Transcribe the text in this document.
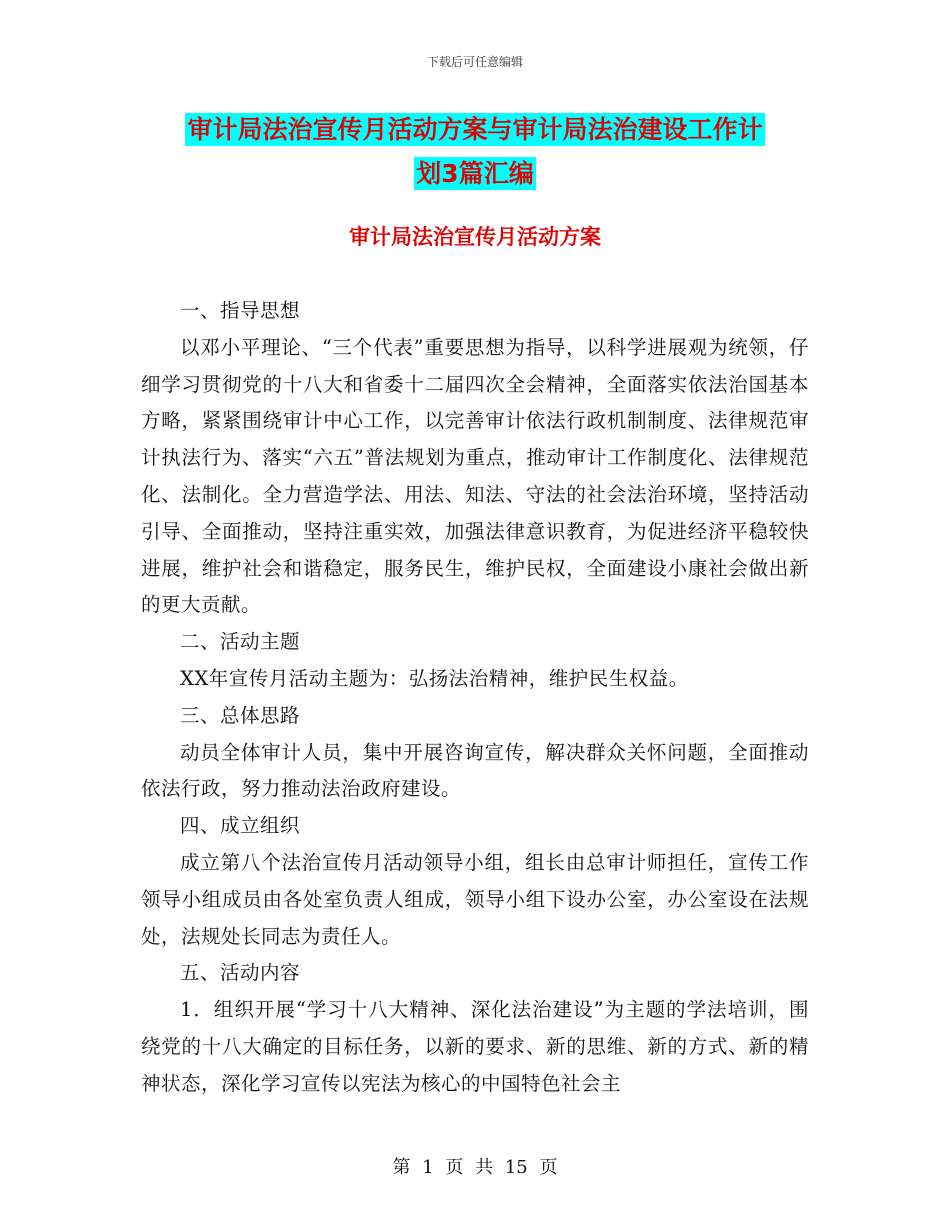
下载后可任意编辑
审计局法治宣传月活动方案与审计局法治建设工作计
划3篇汇编
审计局法治宣传月活动方案

一、指导思想

以邓小平理论、“三个代表”重要思想为指导，以科学进展观为统领，仔细学习贯彻党的十八大和省委十二届四次全会精神，全面落实依法治国基本方略，紧紧围绕审计中心工作，以完善审计依法行政机制制度、法律规范审计执法行为、落实“六五”普法规划为重点，推动审计工作制度化、法律规范化、法制化。全力营造学法、用法、知法、守法的社会法治环境，坚持活动引导、全面推动，坚持注重实效，加强法律意识教育，为促进经济平稳较快进展，维护社会和谐稳定，服务民生，维护民权，全面建设小康社会做出新的更大贡献。

二、活动主题

XX年宣传月活动主题为：弘扬法治精神，维护民生权益。

三、总体思路

动员全体审计人员，集中开展咨询宣传，解决群众关怀问题，全面推动依法行政，努力推动法治政府建设。

四、成立组织

成立第八个法治宣传月活动领导小组，组长由总审计师担任，宣传工作领导小组成员由各处室负责人组成，领导小组下设办公室，办公室设在法规处，法规处长同志为责任人。

五、活动内容

1．组织开展“学习十八大精神、深化法治建设”为主题的学法培训，围绕党的十八大确定的目标任务，以新的要求、新的思维、新的方式、新的精神状态，深化学习宣传以宪法为核心的中国特色社会主

第 1 页 共 15 页
